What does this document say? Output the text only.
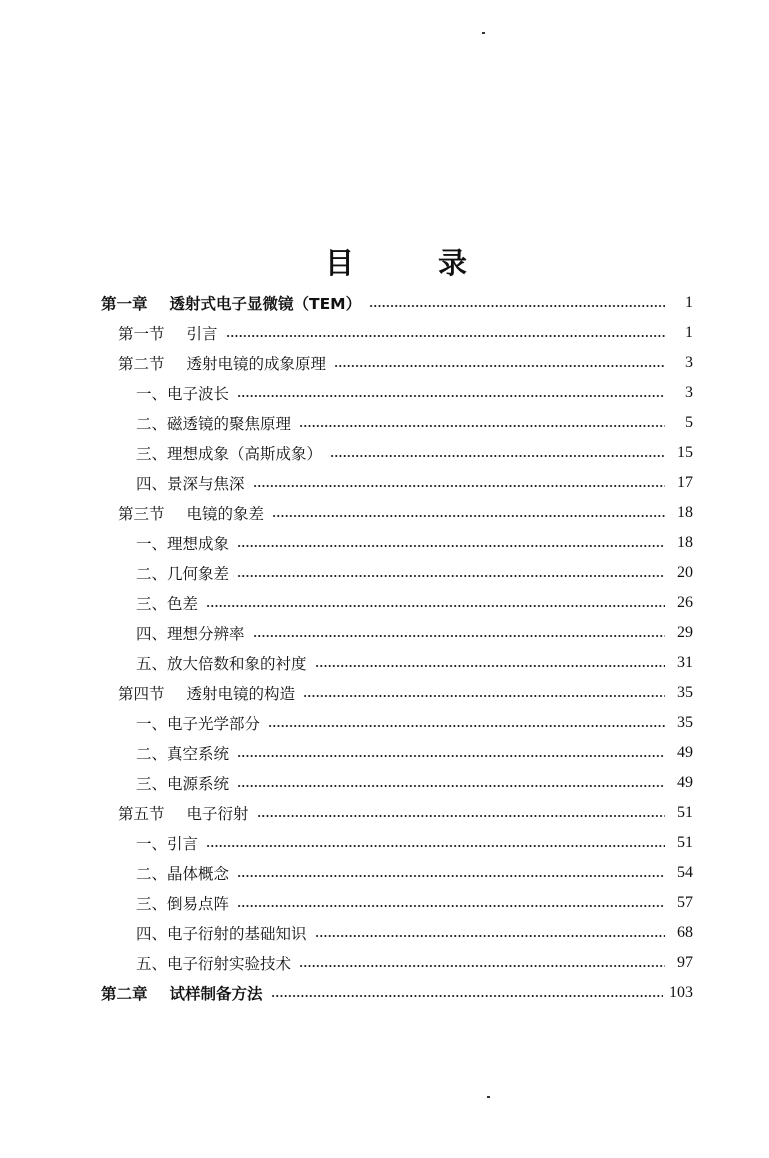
目	录
第一章 透射式电子显微镜（TEM）	1
第一节 引言	1
第二节 透射电镜的成象原理	3
一、电子波长	3
二、磁透镜的聚焦原理	5
三、理想成象（高斯成象）	15
四、景深与焦深	17
第三节 电镜的象差	18
一、理想成象	18
二、几何象差	20
三、色差	26
四、理想分辨率	29
五、放大倍数和象的衬度	31
第四节 透射电镜的构造	35
一、电子光学部分	35
二、真空系统	49
三、电源系统	49
第五节 电子衍射	51
一、引言	51
二、晶体概念	54
三、倒易点阵	57
四、电子衍射的基础知识	68
五、电子衍射实验技术	97
第二章 试样制备方法	103
